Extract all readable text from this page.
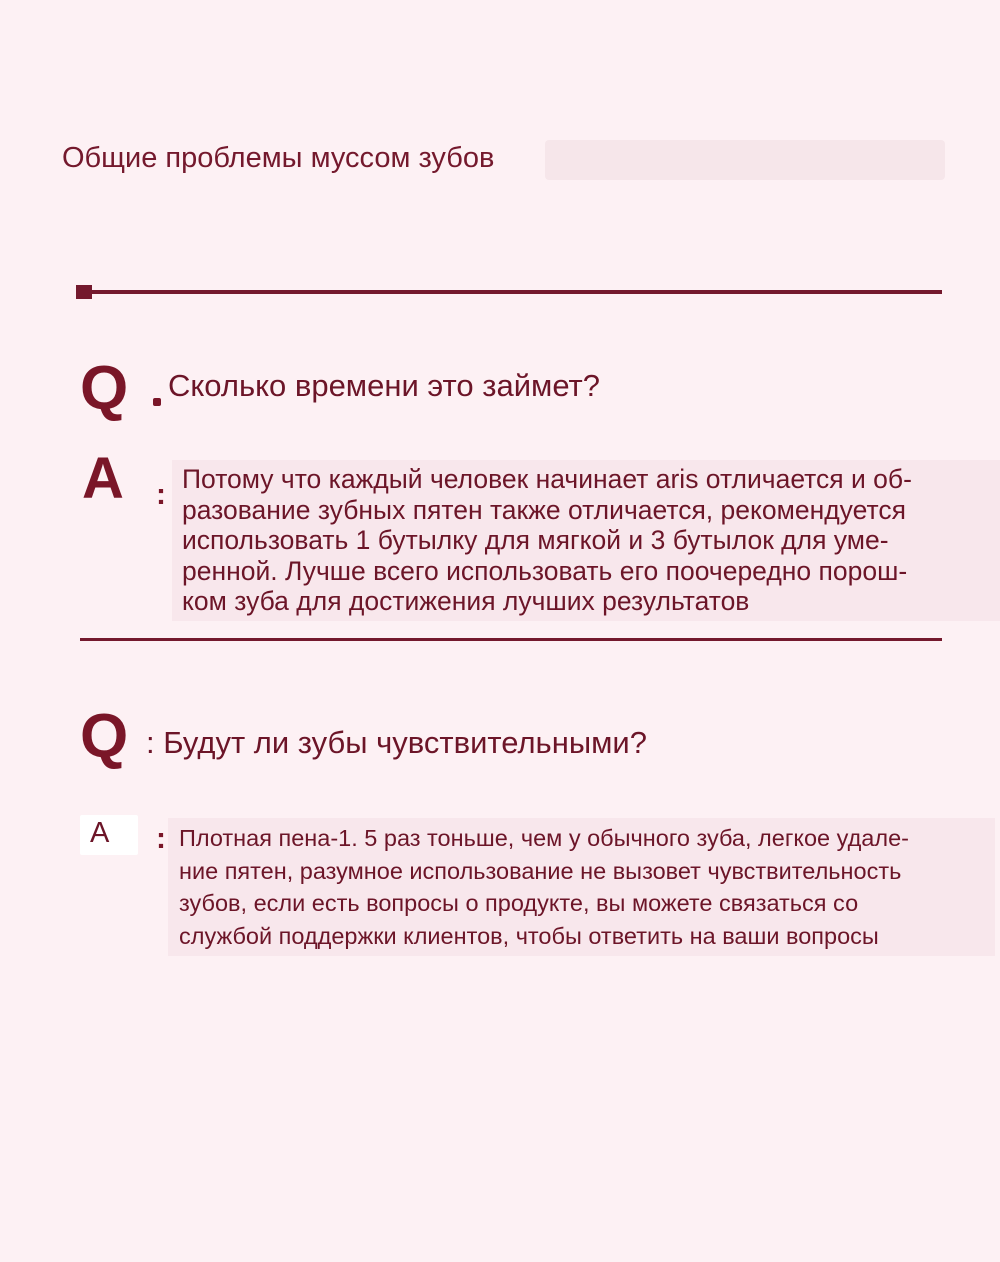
Общие проблемы муссом зубов
Q Сколько времени это займет?
A : Потому что каждый человек начинает aris отличается и об-
разование зубных пятен также отличается, рекомендуется
использовать 1 бутылку для мягкой и 3 бутылок для уме-
ренной. Лучше всего использовать его поочередно порош-
ком зуба для достижения лучших результатов
Q : Будут ли зубы чувствительными?
A : Плотная пена-1. 5 раз тоньше, чем у обычного зуба, легкое удале-
ние пятен, разумное использование не вызовет чувствительность
зубов, если есть вопросы о продукте, вы можете связаться со
службой поддержки клиентов, чтобы ответить на ваши вопросы
